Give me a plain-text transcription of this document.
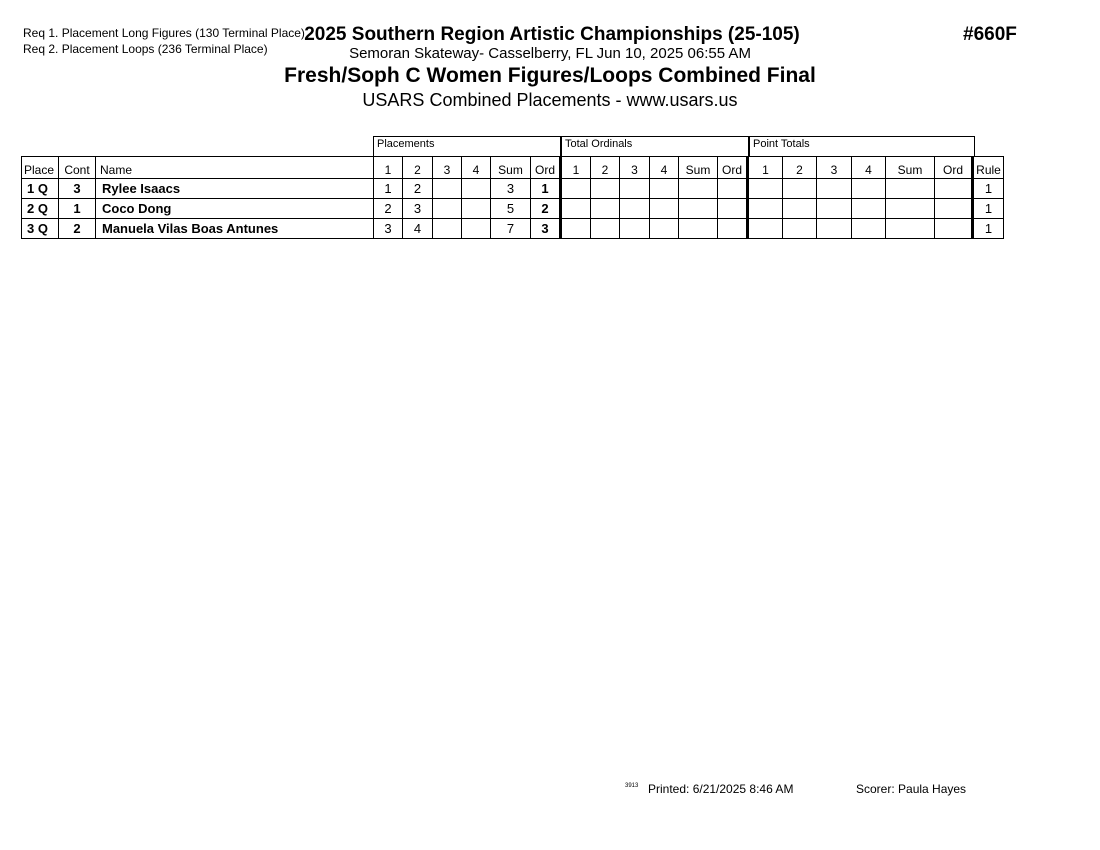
Req 1. Placement Long Figures (130 Terminal Place)
Req 2. Placement Loops (236 Terminal Place)
2025 Southern Region Artistic Championships (25-105)
Semoran Skateway- Casselberry, FL Jun 10, 2025 06:55 AM
Fresh/Soph C Women Figures/Loops Combined Final
USARS Combined Placements - www.usars.us
#660F
Placements	Total Ordinals	Point Totals
Place	Cont	Name	1	2	3	4	Sum	Ord	1	2	3	4	Sum	Ord	1	2	3	4	Sum	Ord	Rule
1 Q	3	Rylee Isaacs	1	2			3	1													1
2 Q	1	Coco Dong	2	3			5	2													1
3 Q	2	Manuela Vilas Boas Antunes	3	4			7	3													1
3913 Printed: 6/21/2025 8:46 AM	Scorer: Paula Hayes
